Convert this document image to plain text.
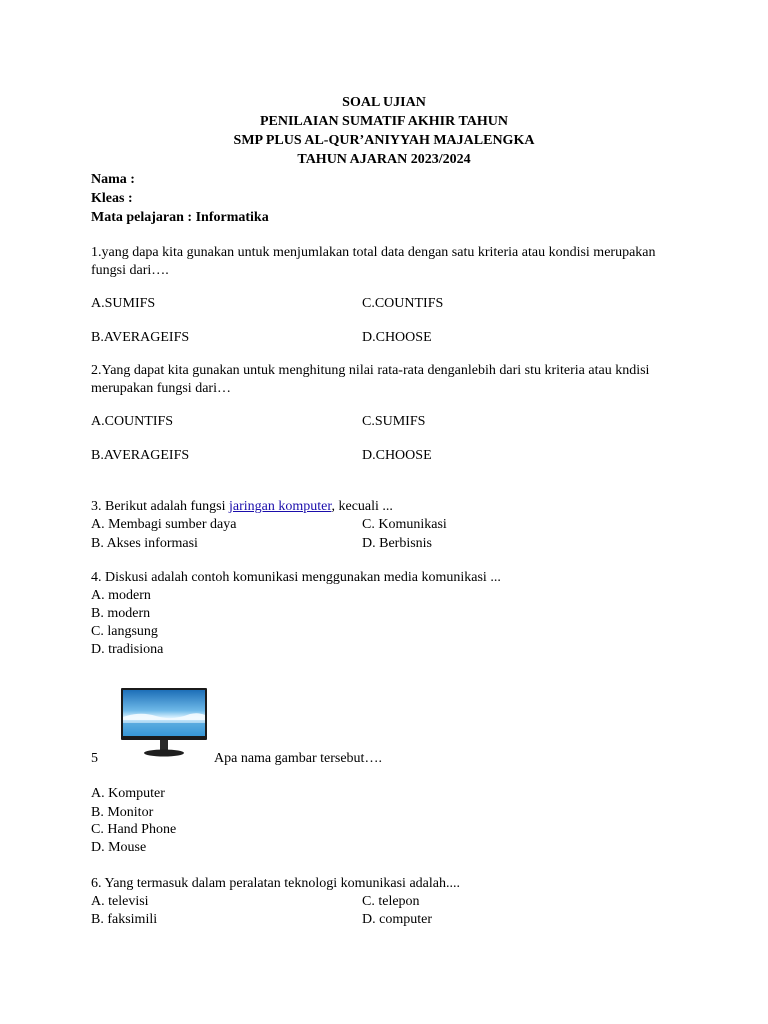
SOAL UJIAN
PENILAIAN SUMATIF AKHIR TAHUN
SMP PLUS AL-QUR’ANIYYAH MAJALENGKA
TAHUN AJARAN 2023/2024
Nama :
Kleas :
Mata pelajaran : Informatika
1.yang dapa kita gunakan untuk menjumlakan total data dengan satu kriteria atau kondisi merupakan fungsi dari….
A.SUMIFS	C.COUNTIFS
B.AVERAGEIFS	D.CHOOSE
2.Yang dapat kita gunakan untuk menghitung nilai rata-rata denganlebih dari stu kriteria atau kndisi merupakan fungsi dari…
A.COUNTIFS	C.SUMIFS
B.AVERAGEIFS	D.CHOOSE
3. Berikut adalah fungsi jaringan komputer, kecuali ...
A. Membagi sumber daya	C. Komunikasi
B. Akses informasi	D. Berbisnis
4. Diskusi adalah contoh komunikasi menggunakan media komunikasi ...
A. modern
B. modern
C. langsung
D. tradisiona
5	Apa nama gambar tersebut….
A. Komputer
B. Monitor
C. Hand Phone
D. Mouse
6. Yang termasuk dalam peralatan teknologi komunikasi adalah....
A. televisi	C. telepon
B. faksimili	D. computer
